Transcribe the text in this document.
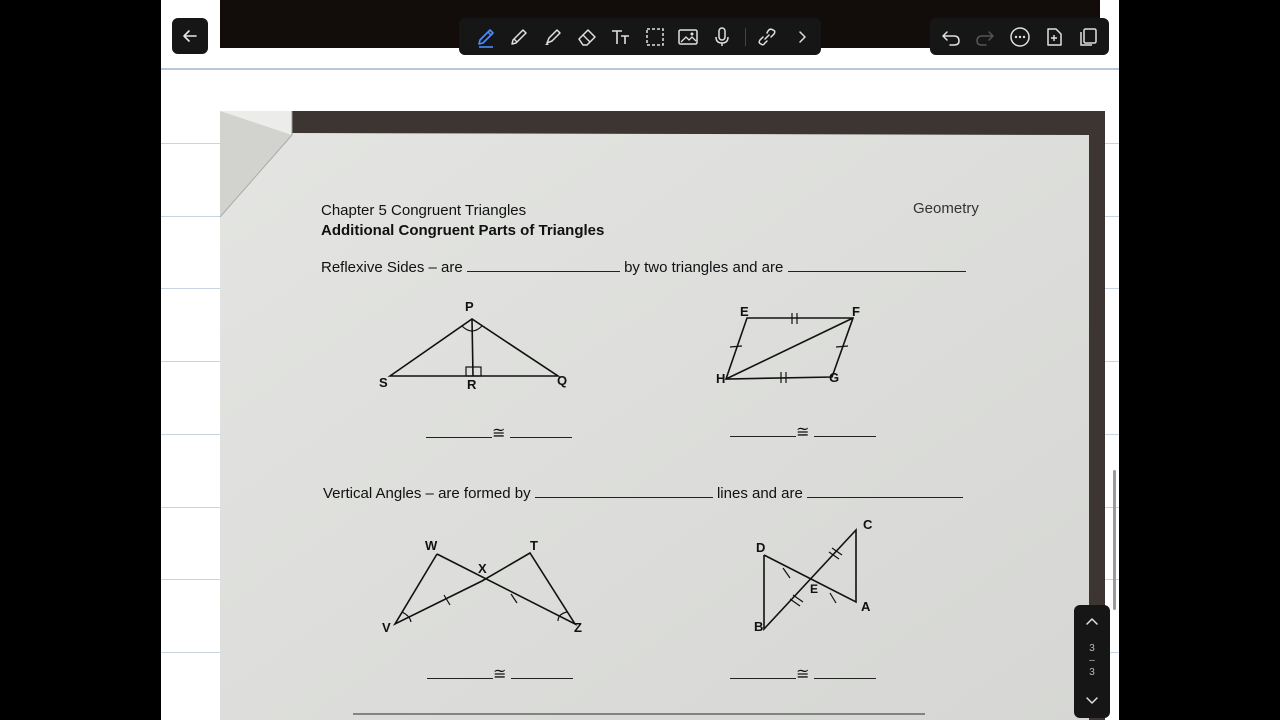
Chapter 5 Congruent Triangles	Geometry
Additional Congruent Parts of Triangles
Reflexive Sides – are	by two triangles and are
P
S	R	Q
E	F
H	G
≅	≅
Vertical Angles – are formed by	lines and are
W	T
X
V	Z
D
C
E
B
A
≅	≅
3
–
3
